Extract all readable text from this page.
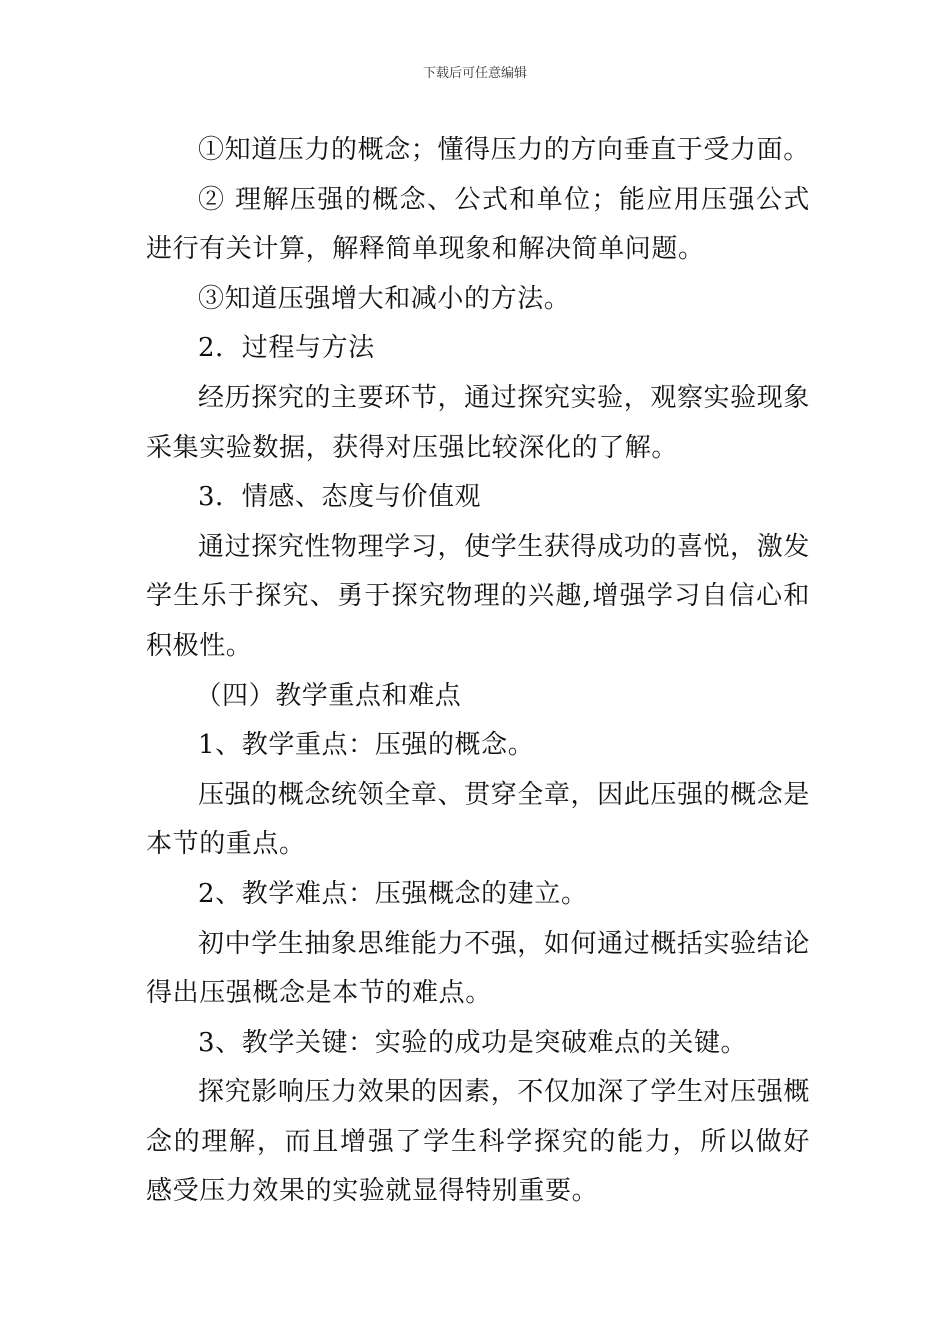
下载后可任意编辑

①知道压力的概念；懂得压力的方向垂直于受力面。

② 理解压强的概念、公式和单位；能应用压强公式进行有关计算，解释简单现象和解决简单问题。

③知道压强增大和减小的方法。

2．过程与方法

经历探究的主要环节，通过探究实验，观察实验现象采集实验数据，获得对压强比较深化的了解。

3．情感、态度与价值观

通过探究性物理学习，使学生获得成功的喜悦，激发学生乐于探究、勇于探究物理的兴趣,增强学习自信心和积极性。

（四）教学重点和难点

1、教学重点：压强的概念。

压强的概念统领全章、贯穿全章，因此压强的概念是本节的重点。

2、教学难点：压强概念的建立。

初中学生抽象思维能力不强，如何通过概括实验结论得出压强概念是本节的难点。

3、教学关键：实验的成功是突破难点的关键。

探究影响压力效果的因素，不仅加深了学生对压强概念的理解，而且增强了学生科学探究的能力，所以做好感受压力效果的实验就显得特别重要。
